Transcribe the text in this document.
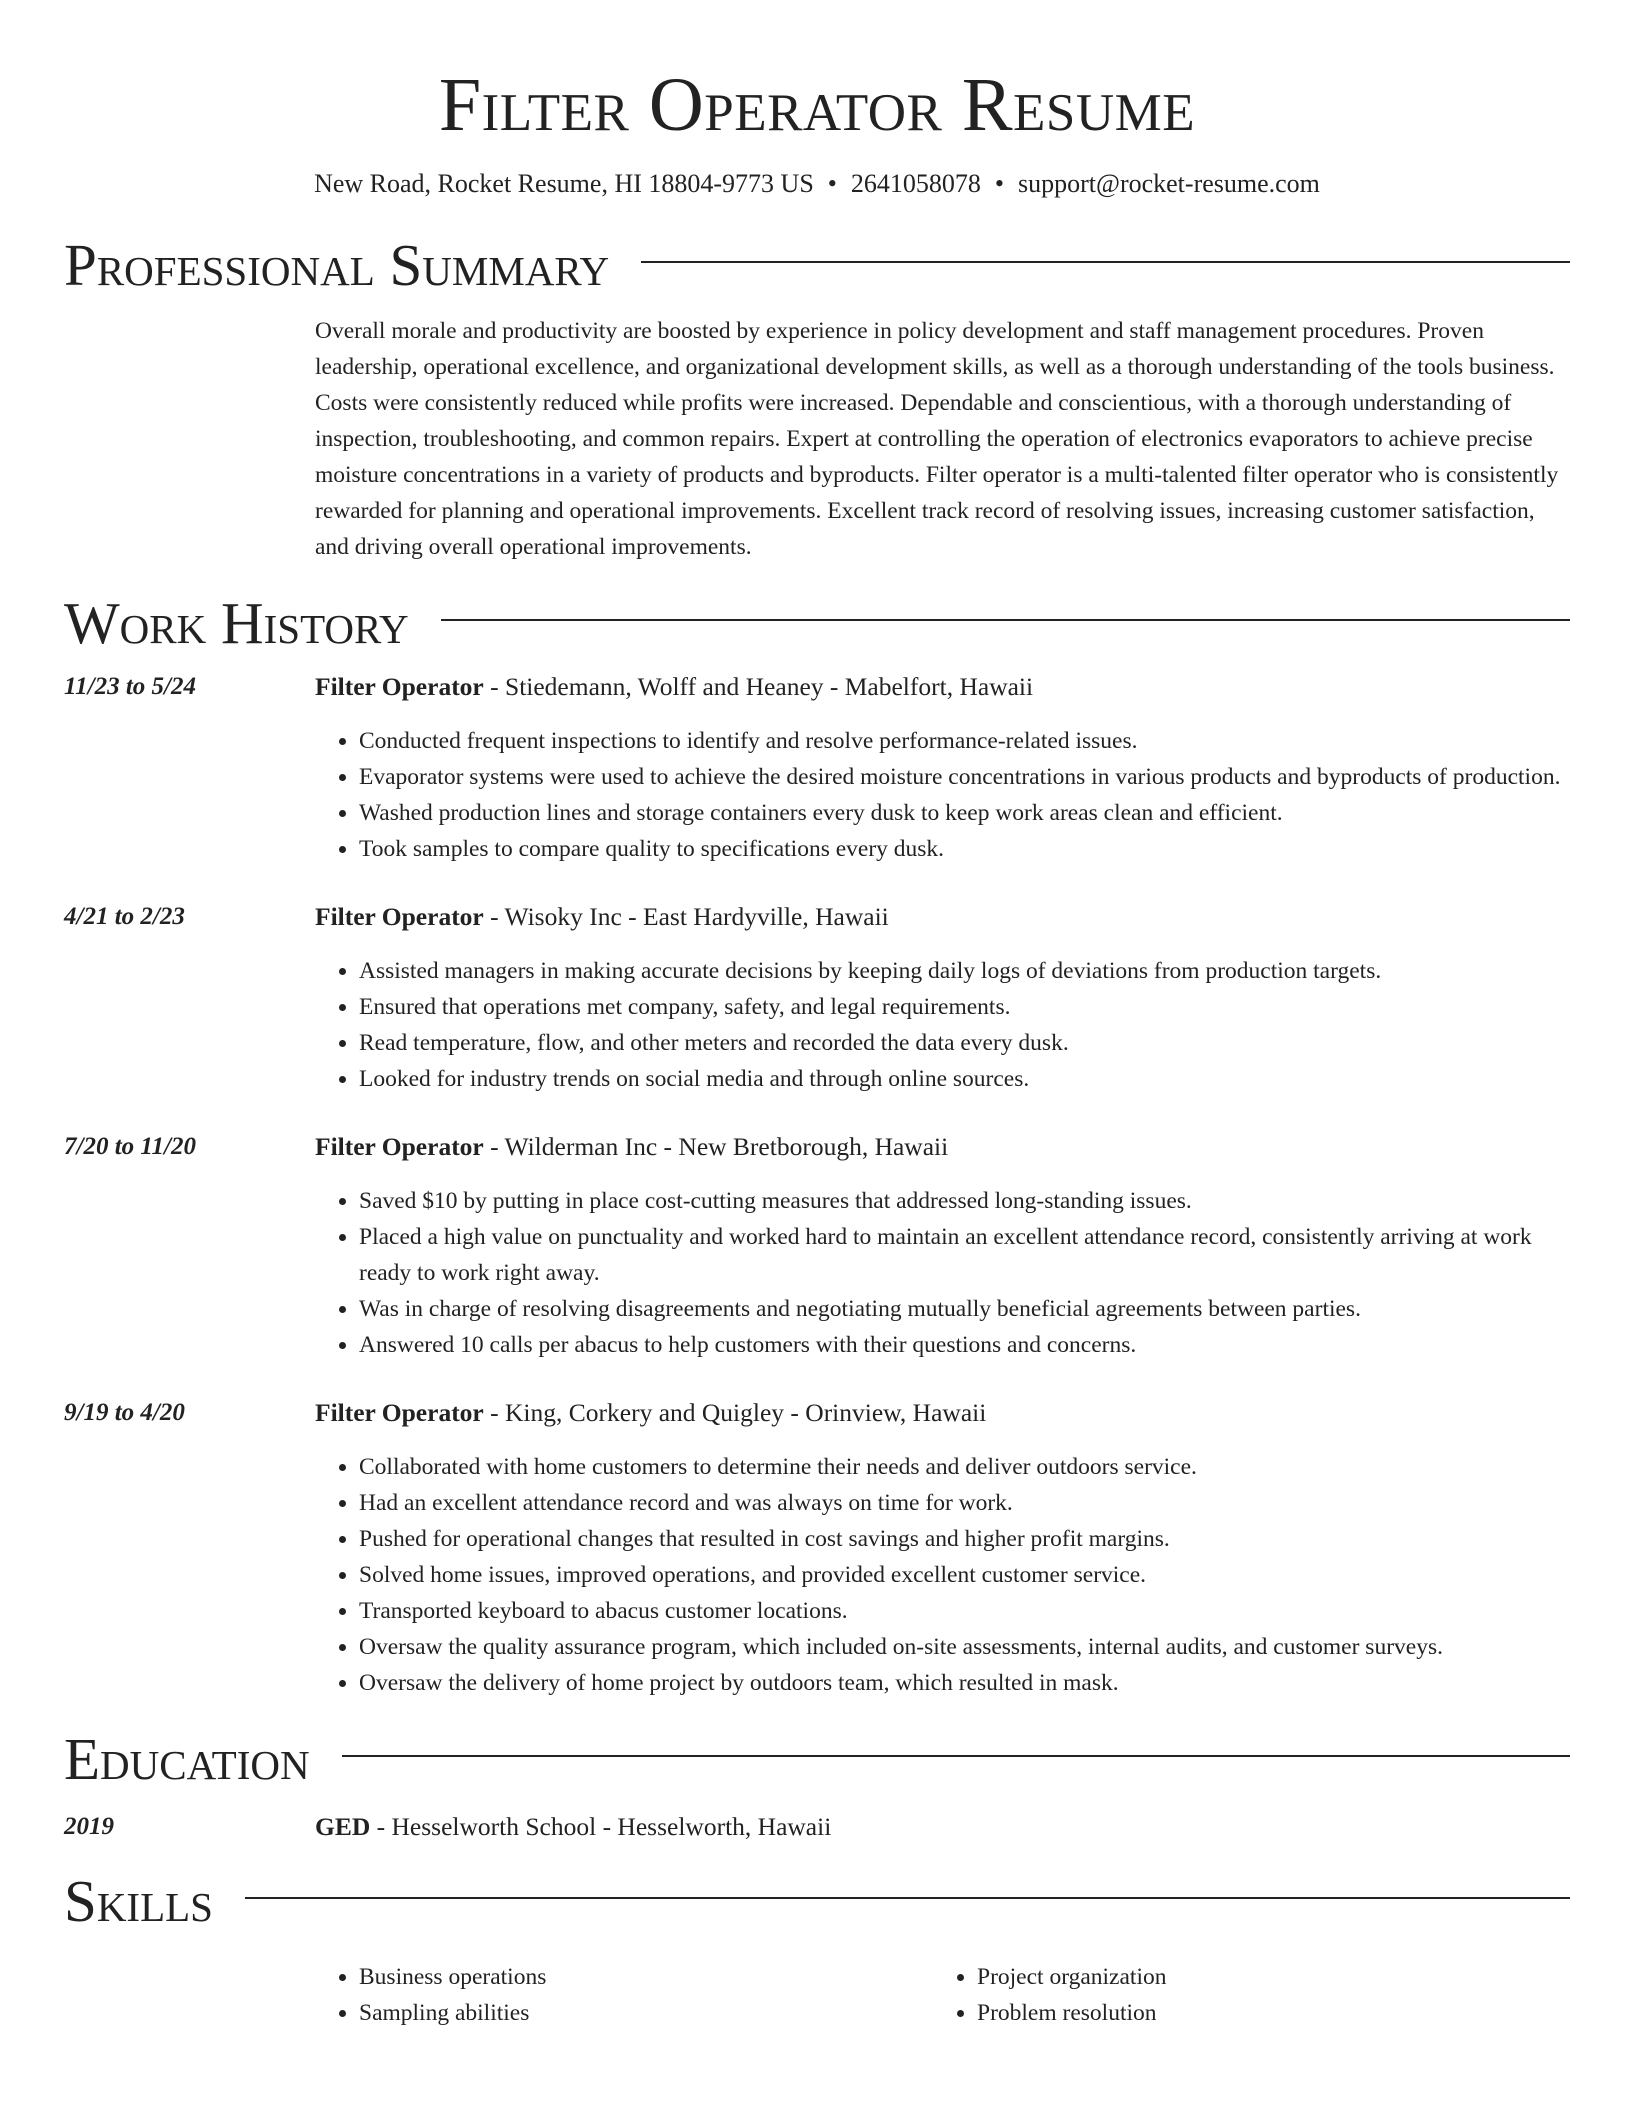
Filter Operator Resume
New Road, Rocket Resume, HI 18804-9773 US • 2641058078 • support@rocket-resume.com
Professional Summary
Overall morale and productivity are boosted by experience in policy development and staff management procedures. Proven leadership, operational excellence, and organizational development skills, as well as a thorough understanding of the tools business. Costs were consistently reduced while profits were increased. Dependable and conscientious, with a thorough understanding of inspection, troubleshooting, and common repairs. Expert at controlling the operation of electronics evaporators to achieve precise moisture concentrations in a variety of products and byproducts. Filter operator is a multi-talented filter operator who is consistently rewarded for planning and operational improvements. Excellent track record of resolving issues, increasing customer satisfaction, and driving overall operational improvements.
Work History
11/23 to 5/24	Filter Operator - Stiedemann, Wolff and Heaney - Mabelfort, Hawaii
• Conducted frequent inspections to identify and resolve performance-related issues.
• Evaporator systems were used to achieve the desired moisture concentrations in various products and byproducts of production.
• Washed production lines and storage containers every dusk to keep work areas clean and efficient.
• Took samples to compare quality to specifications every dusk.
4/21 to 2/23	Filter Operator - Wisoky Inc - East Hardyville, Hawaii
• Assisted managers in making accurate decisions by keeping daily logs of deviations from production targets.
• Ensured that operations met company, safety, and legal requirements.
• Read temperature, flow, and other meters and recorded the data every dusk.
• Looked for industry trends on social media and through online sources.
7/20 to 11/20	Filter Operator - Wilderman Inc - New Bretborough, Hawaii
• Saved $10 by putting in place cost-cutting measures that addressed long-standing issues.
• Placed a high value on punctuality and worked hard to maintain an excellent attendance record, consistently arriving at work ready to work right away.
• Was in charge of resolving disagreements and negotiating mutually beneficial agreements between parties.
• Answered 10 calls per abacus to help customers with their questions and concerns.
9/19 to 4/20	Filter Operator - King, Corkery and Quigley - Orinview, Hawaii
• Collaborated with home customers to determine their needs and deliver outdoors service.
• Had an excellent attendance record and was always on time for work.
• Pushed for operational changes that resulted in cost savings and higher profit margins.
• Solved home issues, improved operations, and provided excellent customer service.
• Transported keyboard to abacus customer locations.
• Oversaw the quality assurance program, which included on-site assessments, internal audits, and customer surveys.
• Oversaw the delivery of home project by outdoors team, which resulted in mask.
Education
2019	GED - Hesselworth School - Hesselworth, Hawaii
Skills
• Business operations
• Sampling abilities
• Project organization
• Problem resolution
